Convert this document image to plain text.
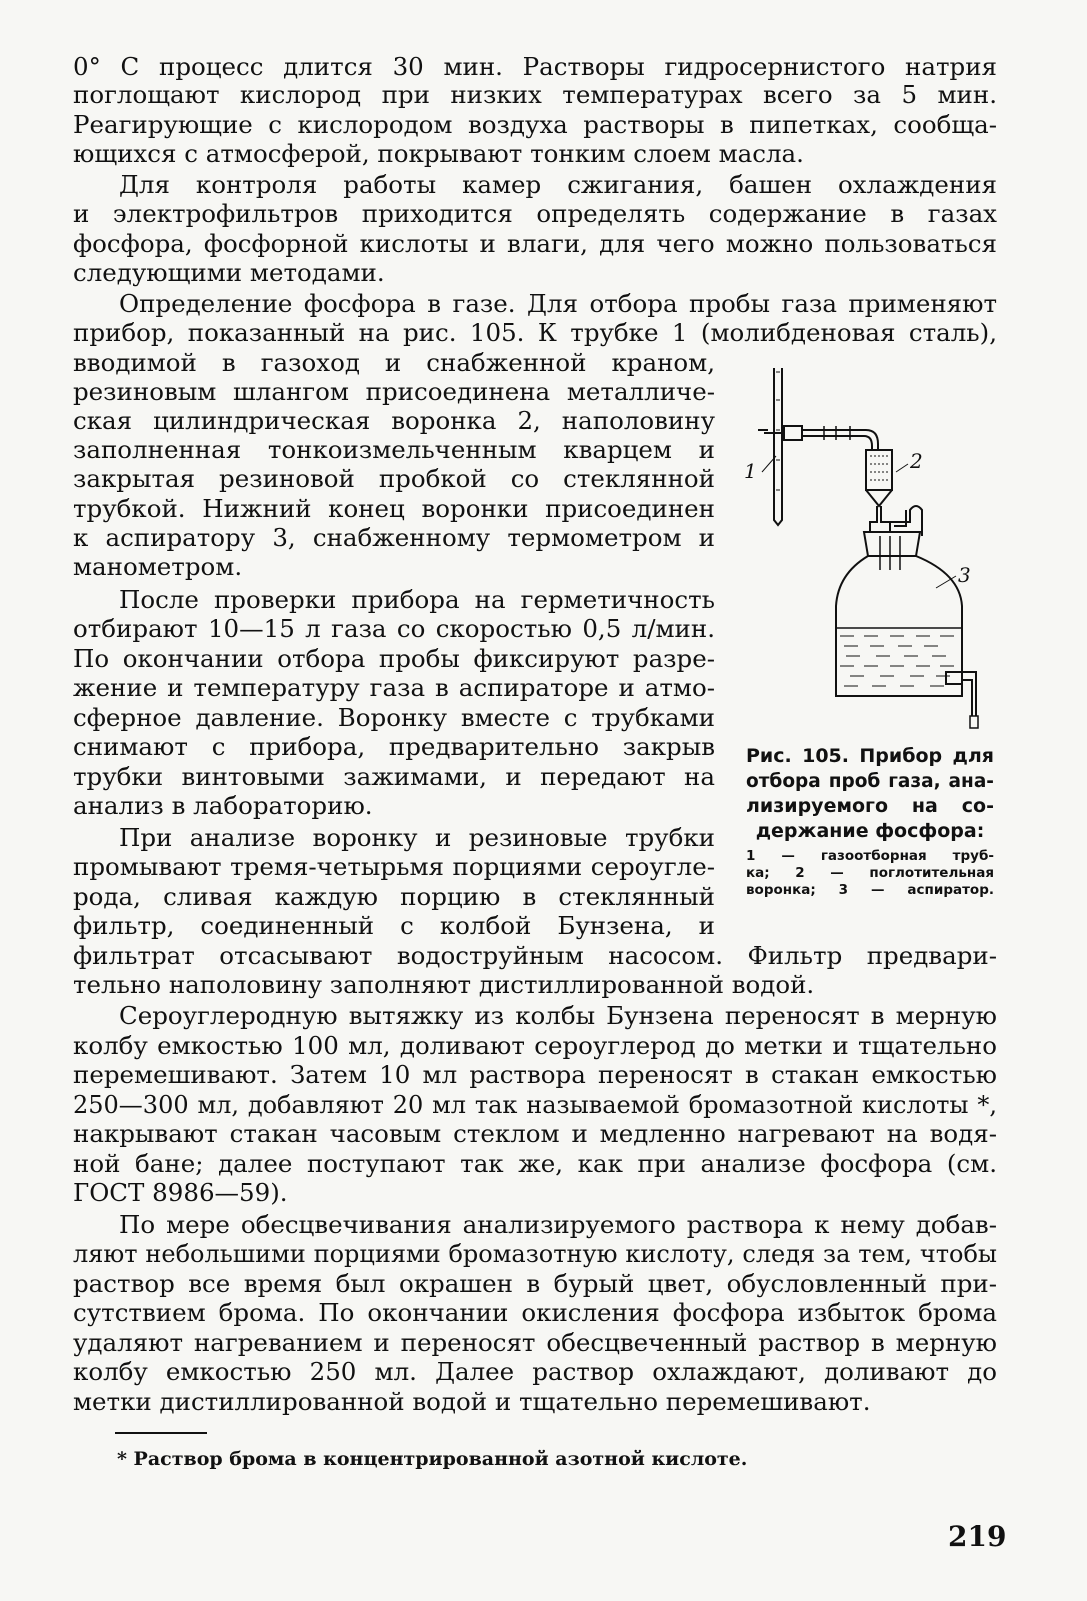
0° С процесс длится 30 мин. Растворы гидросернистого натрия
поглощают кислород при низких температурах всего за 5 мин.
Реагирующие с кислородом воздуха растворы в пипетках, сообща-
ющихся с атмосферой, покрывают тонким слоем масла.
Для контроля работы камер сжигания, башен охлаждения
и электрофильтров приходится определять содержание в газах
фосфора, фосфорной кислоты и влаги, для чего можно пользоваться
следующими методами.
Определение фосфора в газе. Для отбора пробы газа применяют
прибор, показанный на рис. 105. К трубке 1 (молибденовая сталь),
вводимой в газоход и снабженной краном,
резиновым шлангом присоединена металличе-
ская цилиндрическая воронка 2, наполовину
заполненная тонкоизмельченным кварцем и
закрытая резиновой пробкой со стеклянной
трубкой. Нижний конец воронки присоединен
к аспиратору 3, снабженному термометром и
манометром.
После проверки прибора на герметичность
отбирают 10—15 л газа со скоростью 0,5 л/мин.
По окончании отбора пробы фиксируют разре-
жение и температуру газа в аспираторе и атмо-
сферное давление. Воронку вместе с трубками
снимают с прибора, предварительно закрыв
трубки винтовыми зажимами, и передают на
анализ в лабораторию.
При анализе воронку и резиновые трубки
промывают тремя-четырьмя порциями сероугле-
рода, сливая каждую порцию в стеклянный
фильтр, соединенный с колбой Бунзена, и
фильтрат отсасывают водоструйным насосом. Фильтр предвари-
тельно наполовину заполняют дистиллированной водой.
Сероуглеродную вытяжку из колбы Бунзена переносят в мерную
колбу емкостью 100 мл, доливают сероуглерод до метки и тщательно
перемешивают. Затем 10 мл раствора переносят в стакан емкостью
250—300 мл, добавляют 20 мл так называемой бромазотной кислоты *,
накрывают стакан часовым стеклом и медленно нагревают на водя-
ной бане; далее поступают так же, как при анализе фосфора (см.
ГОСТ 8986—59).
По мере обесцвечивания анализируемого раствора к нему добав-
ляют небольшими порциями бромазотную кислоту, следя за тем, чтобы
раствор все время был окрашен в бурый цвет, обусловленный при-
сутствием брома. По окончании окисления фосфора избыток брома
удаляют нагреванием и переносят обесцвеченный раствор в мерную
колбу емкостью 250 мл. Далее раствор охлаждают, доливают до
метки дистиллированной водой и тщательно перемешивают.
1	2
3
Рис. 105. Прибор для
отбора проб газа, ана-
лизируемого на со-
держание фосфора:
1 — газоотборная труб-
ка; 2 — поглотительная
воронка; 3 — аспиратор.
* Раствор брома в концентрированной азотной кислоте.
219
